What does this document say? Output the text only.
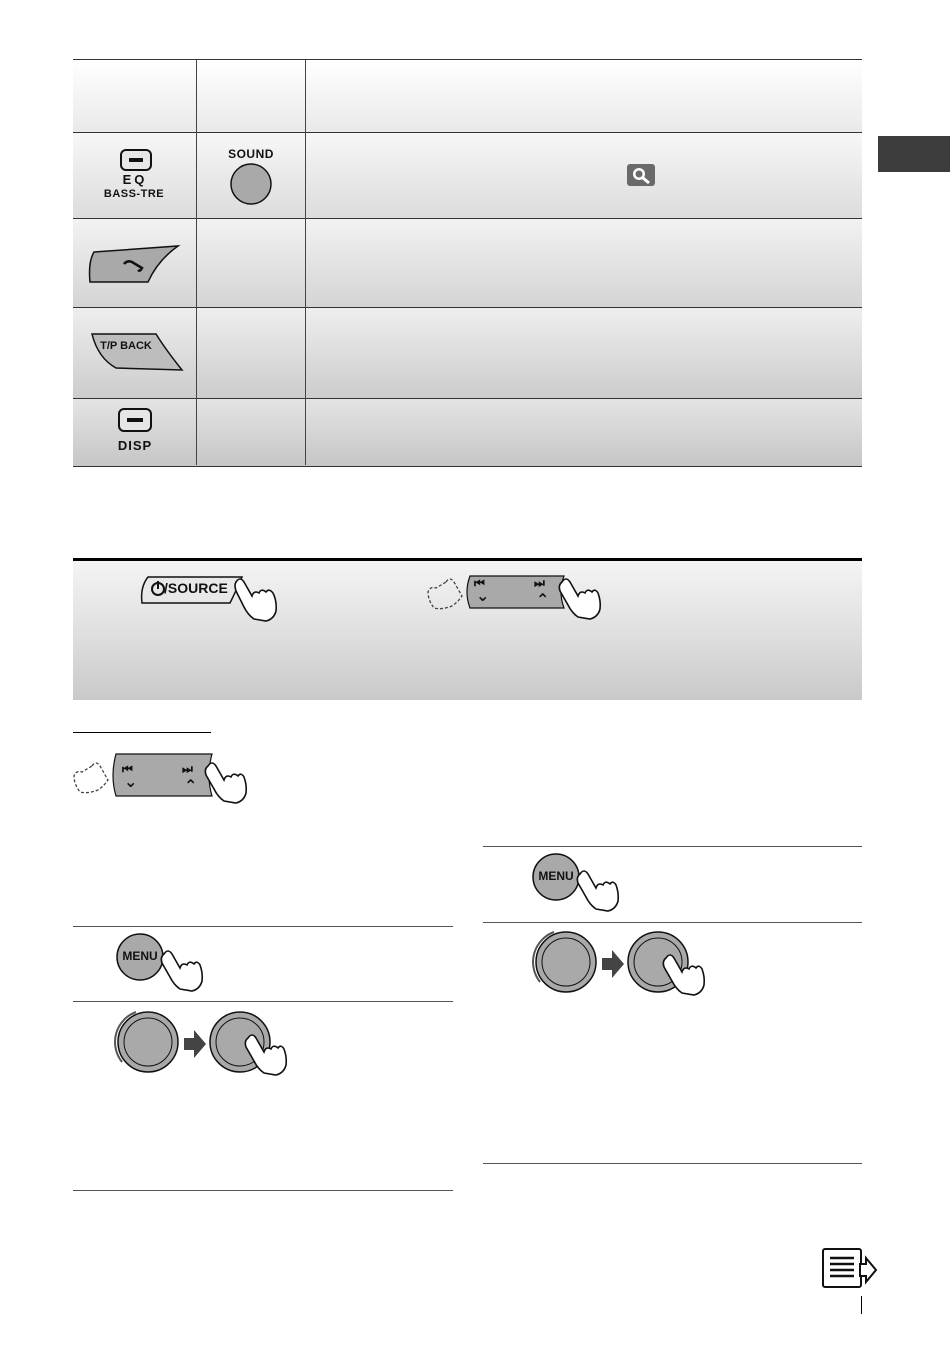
EQ
BASS-TRE
SOUND
T/P BACK
DISP
/SOURCE	⏮
⌄
⏭
⌃
⏮
⌄
⏭
⌃
MENU
MENU
